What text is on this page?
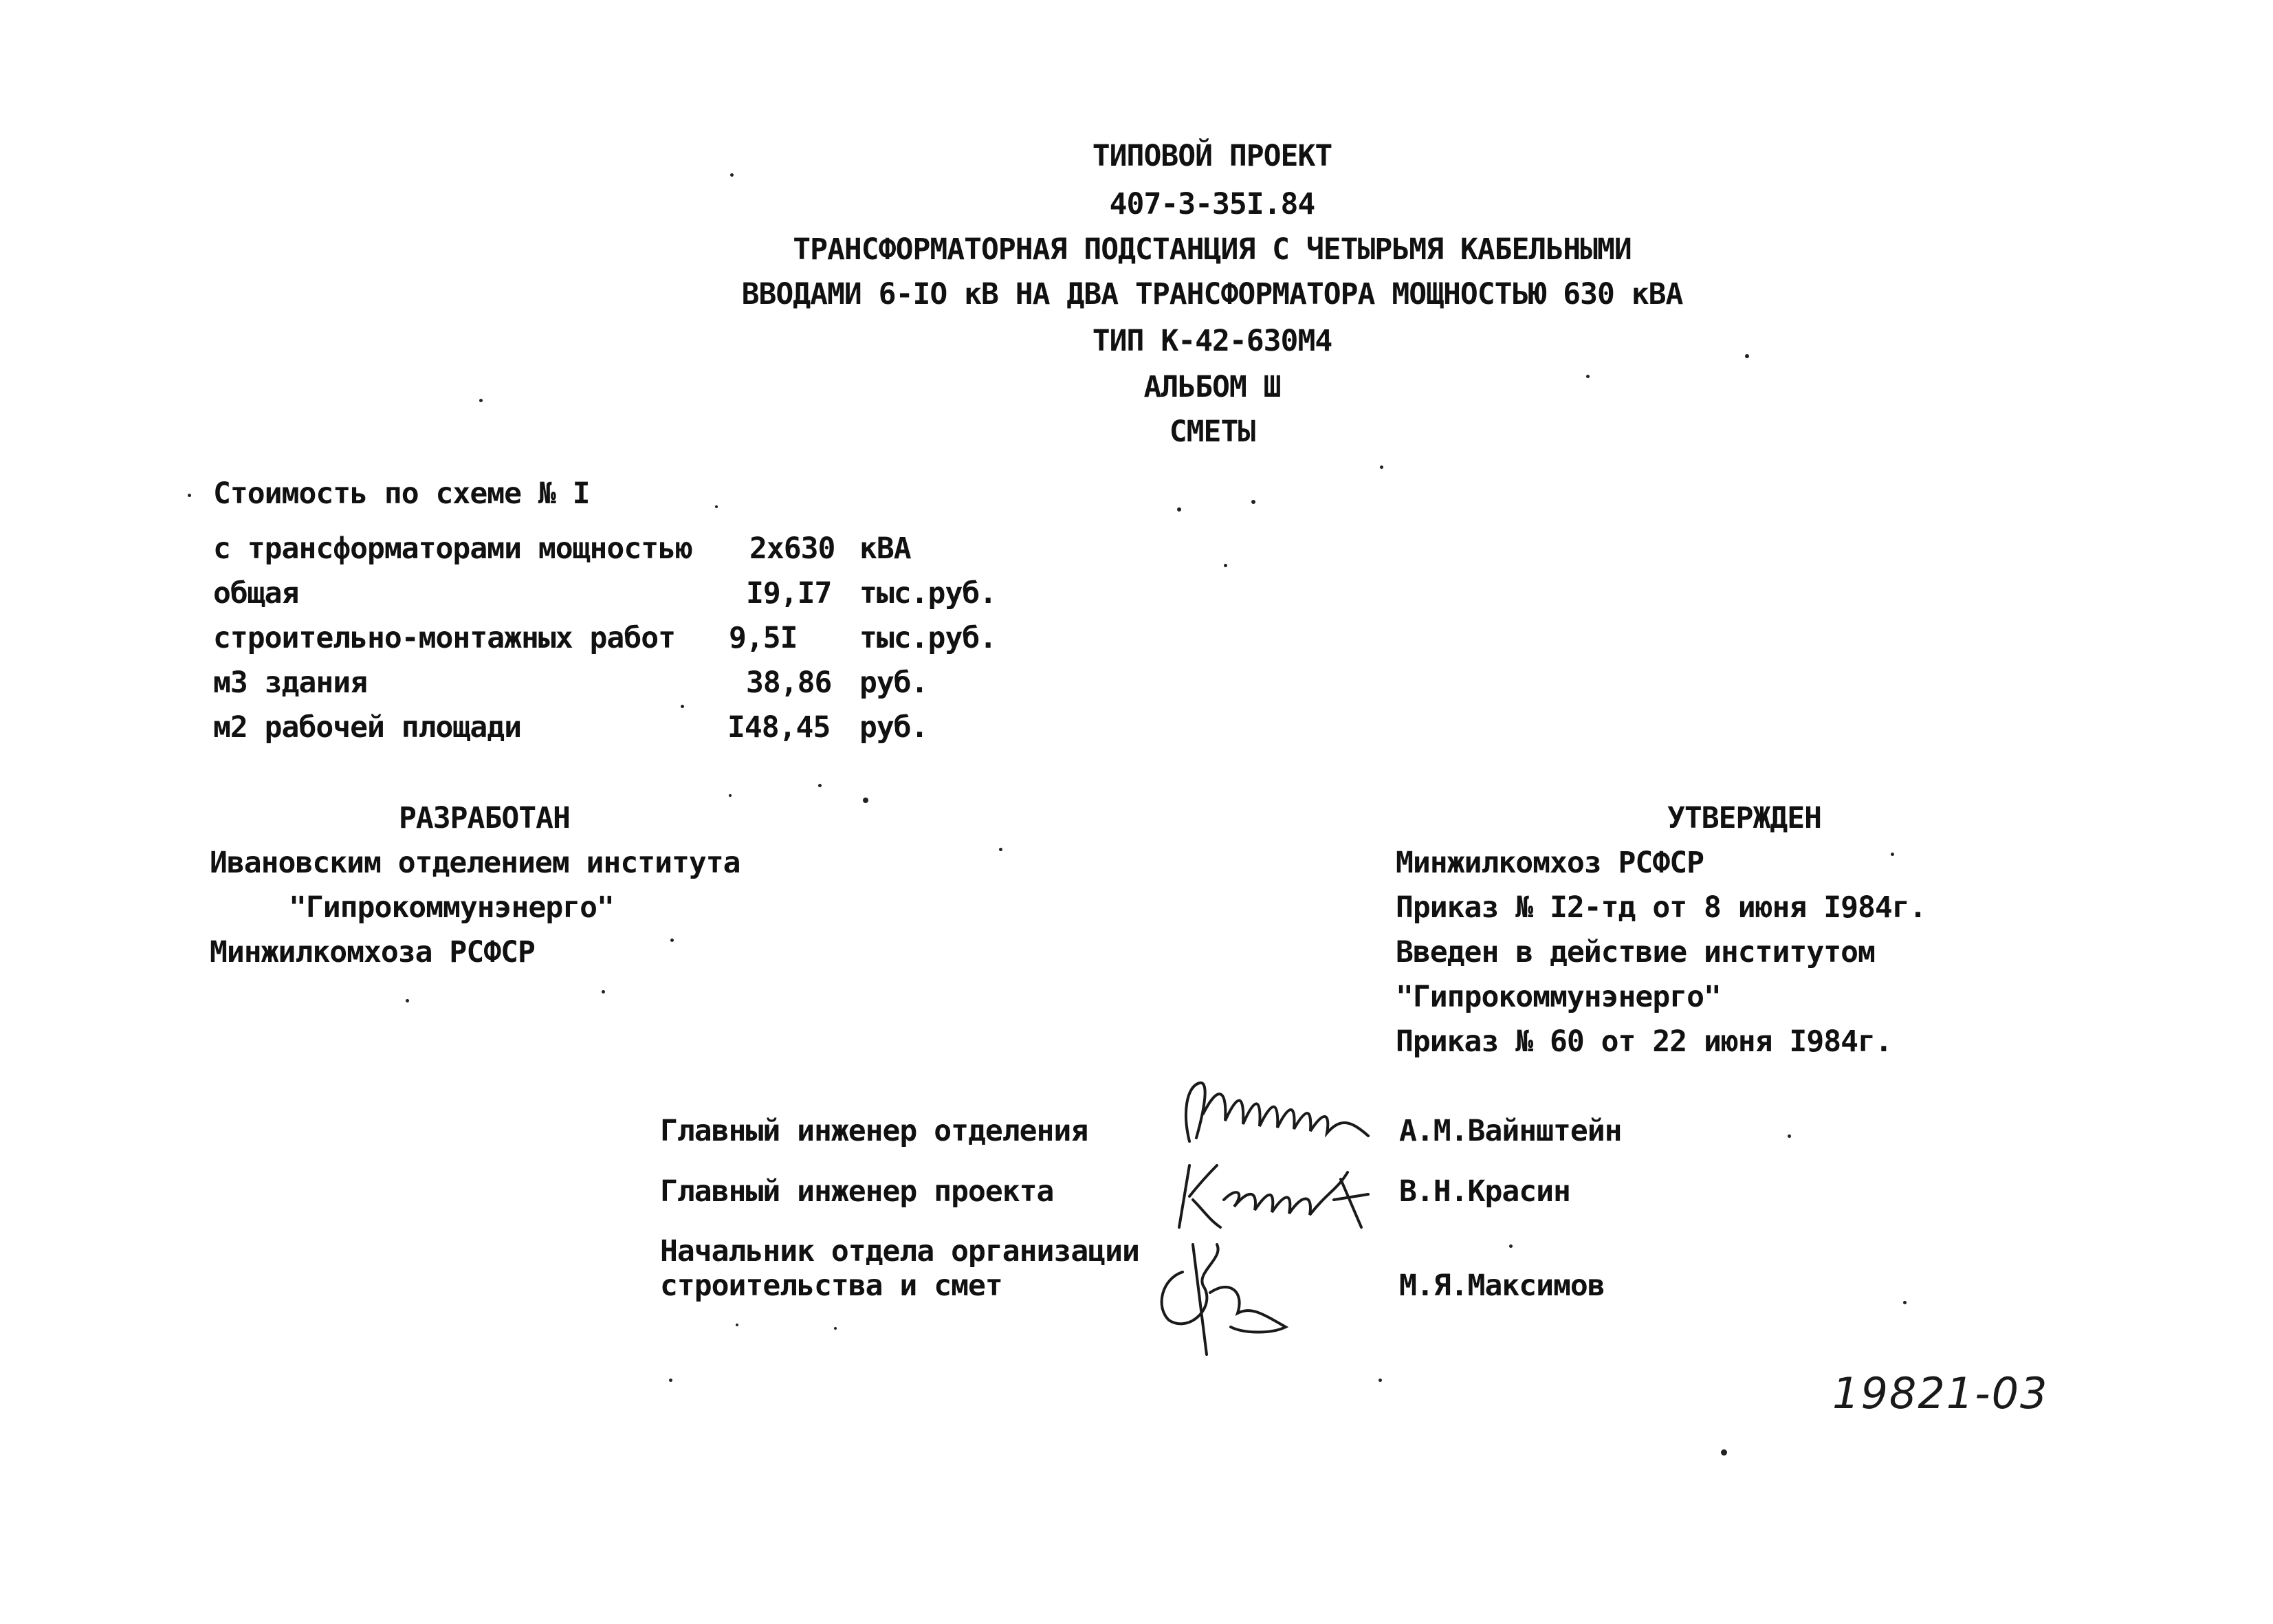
ТИПОВОЙ ПРОЕКТ
407-3-35I.84
ТРАНСФОРМАТОРНАЯ ПОДСТАНЦИЯ С ЧЕТЫРЬМЯ КАБЕЛЬНЫМИ
ВВОДАМИ 6-IO кВ НА ДВА ТРАНСФОРМАТОРА МОЩНОСТЬЮ 630 кВА
ТИП К-42-630М4
АЛЬБОМ Ш
СМЕТЫ
Стоимость по схеме № I
с трансформаторами мощностью 2х630 кВА
общая	I9,I7 тыс.руб.
строительно-монтажных работ 9,5I тыс.руб.
м3 здания	38,86 руб.
м2 рабочей площади	I48,45 руб.
РАЗРАБОТАН
Ивановским отделением института
"Гипрокоммунэнерго"
Минжилкомхоза РСФСР
УТВЕРЖДЕН
Минжилкомхоз РСФСР
Приказ № I2-тд от 8 июня I984г.
Введен в действие институтом
"Гипрокоммунэнерго"
Приказ № 60 от 22 июня I984г.
Главный инженер отделения	А.М.Вайнштейн
Главный инженер проекта	В.Н.Красин
Начальник отдела организации
строительства и смет	М.Я.Максимов
19821-03
